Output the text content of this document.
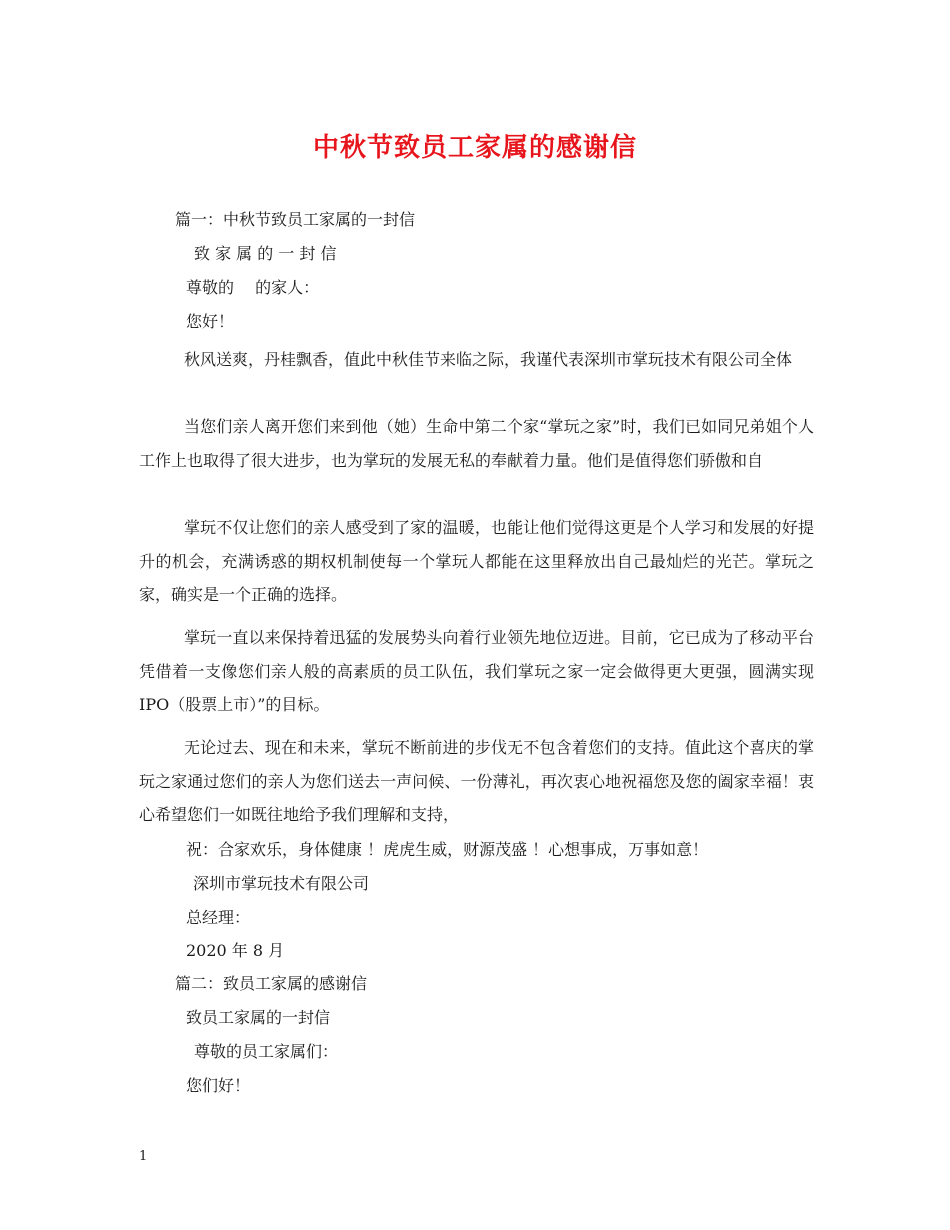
中秋节致员工家属的感谢信
篇一：中秋节致员工家属的一封信
致 家 属 的 一 封 信
尊敬的　 的家人：
您好！

秋风送爽，丹桂飘香，值此中秋佳节来临之际，我谨代表深圳市掌玩技术有限公司全体

当您们亲人离开您们来到他（她）生命中第二个家“掌玩之家”时，我们已如同兄弟姐个人工作上也取得了很大进步，也为掌玩的发展无私的奉献着力量。他们是值得您们骄傲和自

掌玩不仅让您们的亲人感受到了家的温暖，也能让他们觉得这更是个人学习和发展的好提升的机会，充满诱惑的期权机制使每一个掌玩人都能在这里释放出自己最灿烂的光芒。掌玩之家，确实是一个正确的选择。

掌玩一直以来保持着迅猛的发展势头向着行业领先地位迈进。目前，它已成为了移动平台凭借着一支像您们亲人般的高素质的员工队伍，我们掌玩之家一定会做得更大更强，圆满实现 IPO（股票上市）”的目标。

无论过去、现在和未来，掌玩不断前进的步伐无不包含着您们的支持。值此这个喜庆的掌玩之家通过您们的亲人为您们送去一声问候、一份薄礼，再次衷心地祝福您及您的阖家幸福！衷心希望您们一如既往地给予我们理解和支持，

祝：合家欢乐，身体健康 ！虎虎生威，财源茂盛 ！心想事成，万事如意！
深圳市掌玩技术有限公司
总经理：
2020 年 8 月
篇二：致员工家属的感谢信
致员工家属的一封信
尊敬的员工家属们：
您们好！
1
